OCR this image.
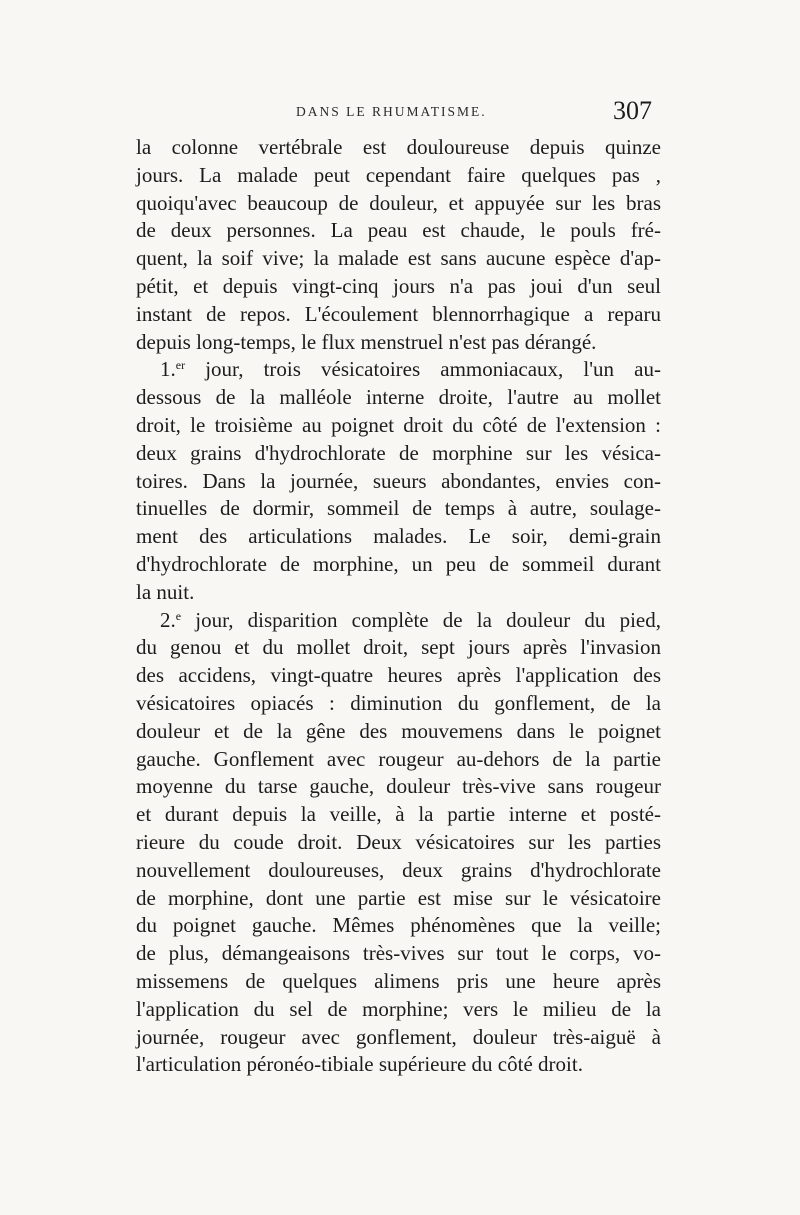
DANS LE RHUMATISME.	307
la colonne vertébrale est douloureuse depuis quinze
jours. La malade peut cependant faire quelques pas ,
quoiqu'avec beaucoup de douleur, et appuyée sur les bras
de deux personnes. La peau est chaude, le pouls fré-
quent, la soif vive; la malade est sans aucune espèce d'ap-
pétit, et depuis vingt-cinq jours n'a pas joui d'un seul
instant de repos. L'écoulement blennorrhagique a reparu
depuis long-temps, le flux menstruel n'est pas dérangé.
1.$^{er}$ jour, trois vésicatoires ammoniacaux, l'un au-
dessous de la malléole interne droite, l'autre au mollet
droit, le troisième au poignet droit du côté de l'extension :
deux grains d'hydrochlorate de morphine sur les vésica-
toires. Dans la journée, sueurs abondantes, envies con-
tinuelles de dormir, sommeil de temps à autre, soulage-
ment des articulations malades. Le soir, demi-grain
d'hydrochlorate de morphine, un peu de sommeil durant
la nuit.
2.$^e$ jour, disparition complète de la douleur du pied,
du genou et du mollet droit, sept jours après l'invasion
des accidens, vingt-quatre heures après l'application des
vésicatoires opiacés : diminution du gonflement, de la
douleur et de la gêne des mouvemens dans le poignet
gauche. Gonflement avec rougeur au-dehors de la partie
moyenne du tarse gauche, douleur très-vive sans rougeur
et durant depuis la veille, à la partie interne et posté-
rieure du coude droit. Deux vésicatoires sur les parties
nouvellement douloureuses, deux grains d'hydrochlorate
de morphine, dont une partie est mise sur le vésicatoire
du poignet gauche. Mêmes phénomènes que la veille;
de plus, démangeaisons très-vives sur tout le corps, vo-
missemens de quelques alimens pris une heure après
l'application du sel de morphine; vers le milieu de la
journée, rougeur avec gonflement, douleur très-aiguë à
l'articulation péronéo-tibiale supérieure du côté droit.
